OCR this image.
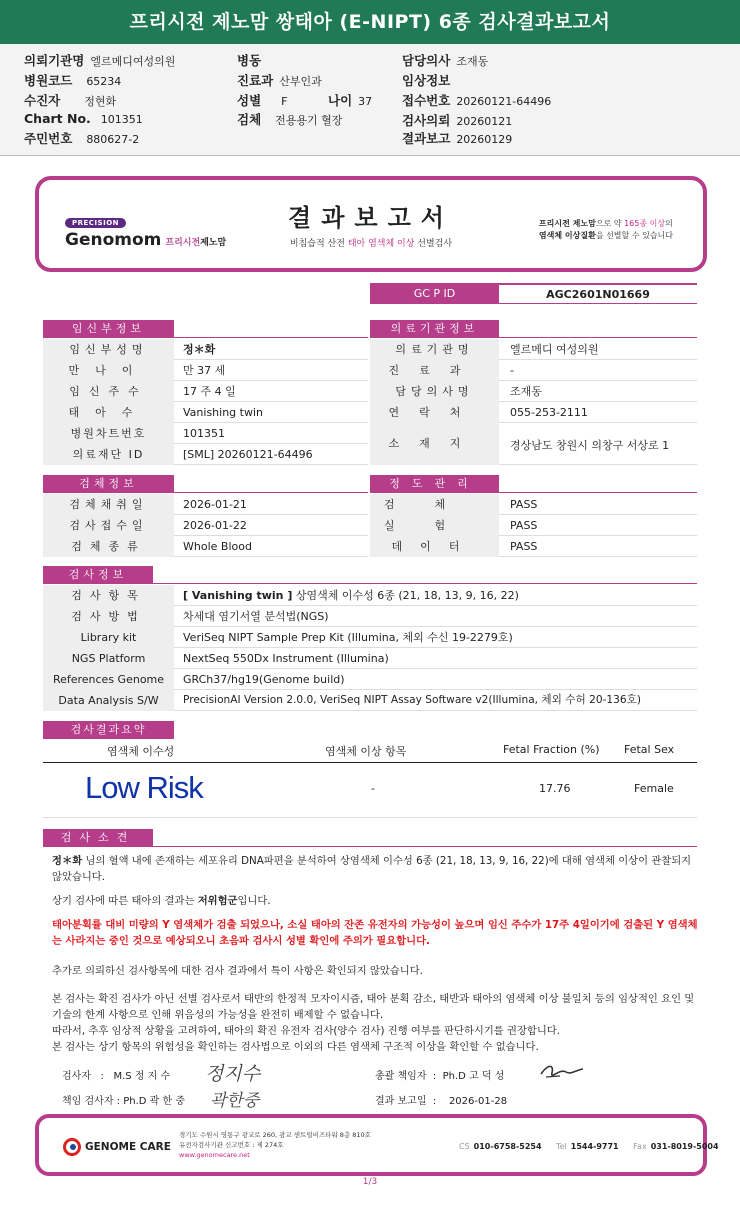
프리시전 제노맘 쌍태아 (E-NIPT) 6종 검사결과보고서
의뢰기관명 엘르메디여성의원
병원코드 65234
수진자 정현화
Chart No. 101351
주민번호 880627-2
병동
진료과 산부인과
성별 F	나이 37
검체 전용용기 혈장
담당의사 조재동
임상정보
접수번호 20260121-64496
검사의뢰 20260121
결과보고 20260129
PRECISION
Genomom 프리시전제노맘
결과보고서
비침습적 산전 태아 염색체 이상 선별검사
프리시전 제노맘으로 약 165종 이상의
염색체 이상질환을 선별할 수 있습니다
GC P ID	AGC2601N01669
임신부정보
임신부성명	정＊화
만나이	만 37 세
임신주수	17 주 4 일
태아수	Vanishing twin
병원차트번호	101351
의료재단 ID	[SML] 20260121-64496
의료기관정보
의료기관명	엘르메디 여성의원
진료과	-
담당의사명	조재동
연락처	055-253-2111
소재지	경상남도 창원시 의창구 서상로 1
검체정보
검체채취일	2026-01-21
검사접수일	2026-01-22
검체종류	Whole Blood
정도관리
검체	PASS
실험	PASS
데이터	PASS
검사정보
검사항목	[ Vanishing twin ] 상염색체 이수성 6종 (21, 18, 13, 9, 16, 22)
검사방법	차세대 염기서열 분석법(NGS)
Library kit	VeriSeq NIPT Sample Prep Kit (Illumina, 체외 수신 19-2279호)
NGS Platform	NextSeq 550Dx Instrument (Illumina)
References Genome	GRCh37/hg19(Genome build)
Data Analysis S/W	PrecisionAI Version 2.0.0, VeriSeq NIPT Assay Software v2(Illumina, 체외 수허 20-136호)
검사결과요약
염색체 이수성	염색체 이상 항목	Fetal Fraction (%) Fetal Sex
Low Risk	-	17.76	Female
검사소견

정＊화 님의 혈액 내에 존재하는 세포유리 DNA파편을 분석하여 상염색체 이수성 6종 (21, 18, 13, 9, 16, 22)에 대해 염색체 이상이 관찰되지 않았습니다.

상기 검사에 따른 태아의 결과는 저위험군입니다.

태아분획률 대비 미량의 Y 염색체가 검출 되었으나, 소실 태아의 잔존 유전자의 가능성이 높으며 임신 주수가 17주 4일이기에 검출된 Y 염색체는 사라지는 중인 것으로 예상되오니 초음파 검사시 성별 확인에 주의가 필요합니다.

추가로 의뢰하신 검사항목에 대한 검사 결과에서 특이 사항은 확인되지 않았습니다.

본 검사는 확진 검사가 아닌 선별 검사로서 태반의 한정적 모자이시즘, 태아 분획 감소, 태반과 태아의 염색체 이상 불일치 등의 임상적인 요인 및 기술의 한계 사항으로 인해 위음성의 가능성을 완전히 배제할 수 없습니다.

따라서, 추후 임상적 상황을 고려하여, 태아의 확진 유전자 검사(양수 검사) 진행 여부를 판단하시기를 권장합니다.

본 검사는 상기 항목의 위험성을 확인하는 검사법으로 이외의 다른 염색체 구조적 이상을 확인할 수 없습니다.

검사자   :   M.S 정 지 수 정지수
책임 검사자 : Ph.D 곽 한 중 곽한중
총괄 책임자  :  Ph.D 고 덕 성
결과 보고일  :    2026-01-28
GENOME CARE
경기도 수원시 영통구 광교로 260, 광교 센트럴비즈타워 8층 810호
유전자검사기관 신고번호 : 제 274호
www.genomecare.net
CS 010-6758-5254 Tel 1544-9771 Fax 031-8019-5004
1/3
